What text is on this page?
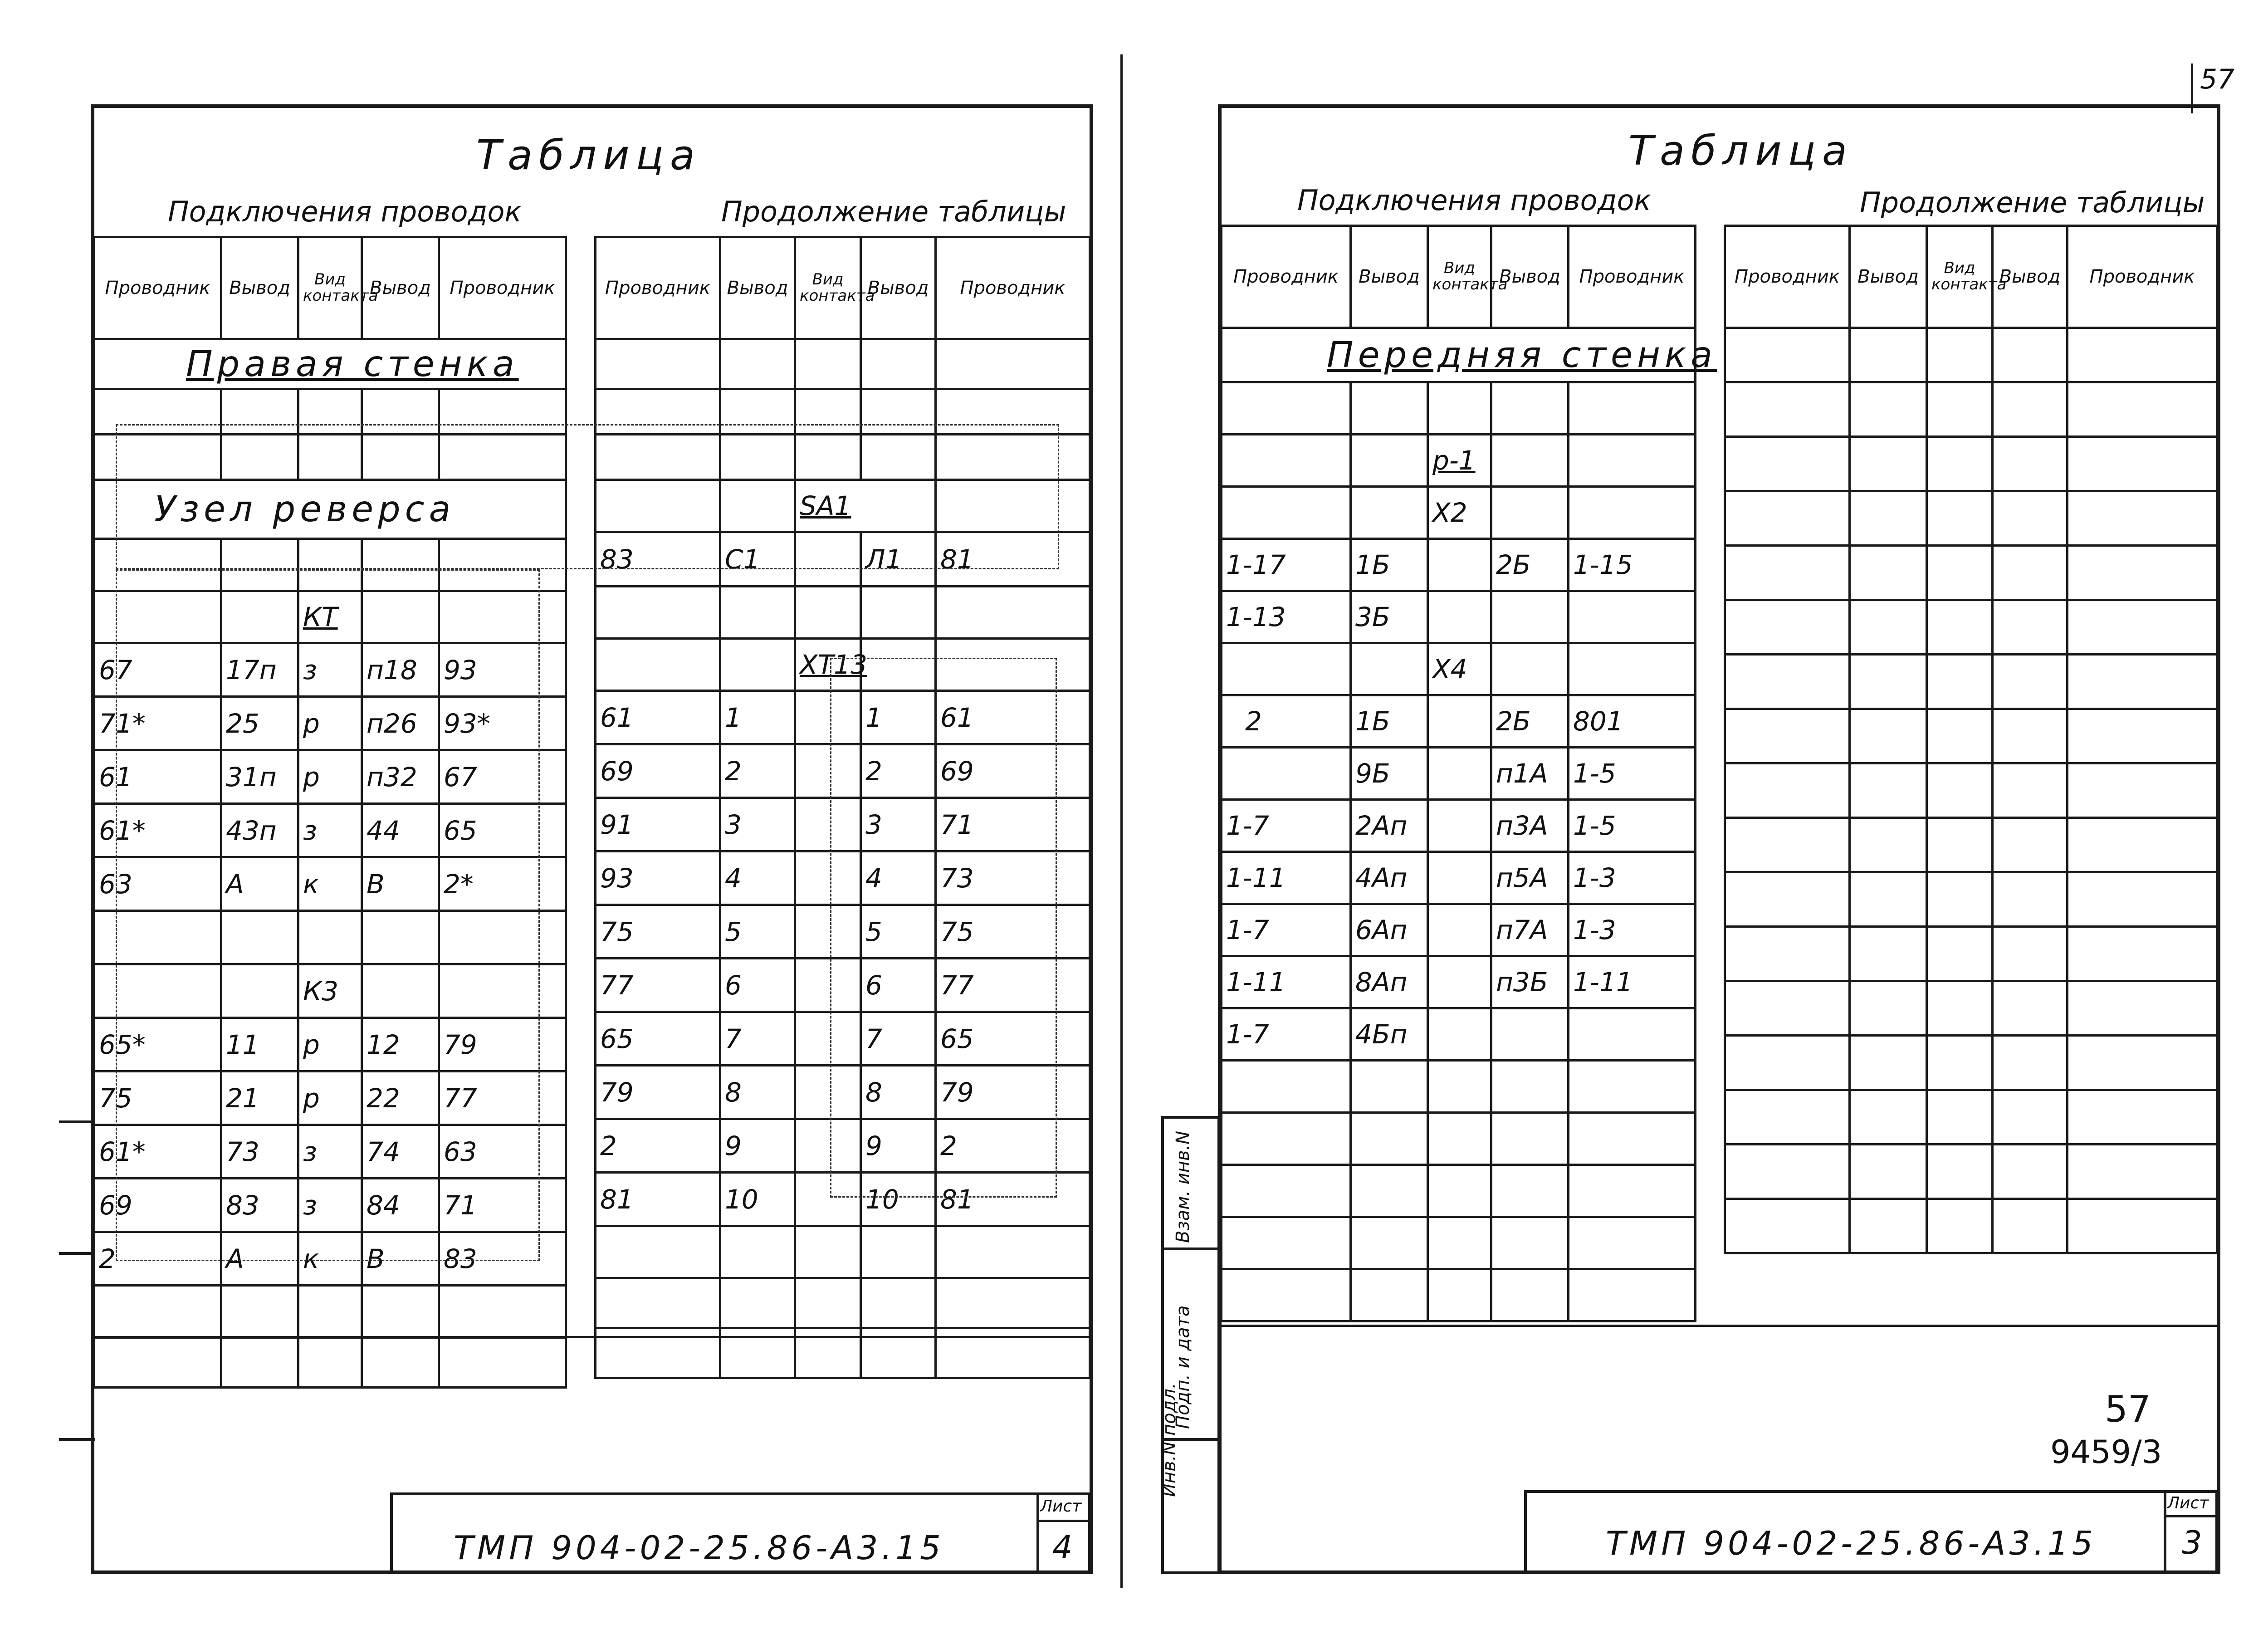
57
Таблица
Подключения проводок	Продолжение таблицы
Проводник	Вывод	Вид контакта	Вывод	Проводник
Правая стенка				

Узел реверса				

		КТ		
67	17п	з	п18	93
71*	25	р	п26	93*
61	31п	р	п32	67
61*	43п	з	44	65
63	А	к	В	2*

		К3		
65*	11	р	12	79
75	21	р	22	77
61*	73	з	74	63
69	83	з	84	71
2	А	к	В	83

Проводник	Вывод	Вид контакта	Вывод	Проводник

		SA1		
83	С1		Л1	81

		ХТ13		
61	1		1	61
69	2		2	69
91	3		3	71
93	4		4	73
75	5		5	75
77	6		6	77
65	7		7	65
79	8		8	79
2	9		9	2
81	10		10	81

ТМП 904-02-25.86-А3.15
Лист
4
Таблица
Подключения проводок	Продолжение таблицы
Проводник	Вывод	Вид контакта	Вывод	Проводник
Передняя стенка				

		р-1		
		Х2		
1-17	1Б		2Б	1-15
1-13	3Б			
		Х4		
2	1Б		2Б	801
	9Б		п1А	1-5
1-7	2Ап		п3А	1-5
1-11	4Ап		п5А	1-3
1-7	6Ап		п7А	1-3
1-11	8Ап		п3Б	1-11
1-7	4Бп			

Проводник	Вывод	Вид контакта	Вывод	Проводник

Инв.N подл.
Подп. и дата
Взам. инв.N
57
9459/3
ТМП 904-02-25.86-А3.15
Лист
3
